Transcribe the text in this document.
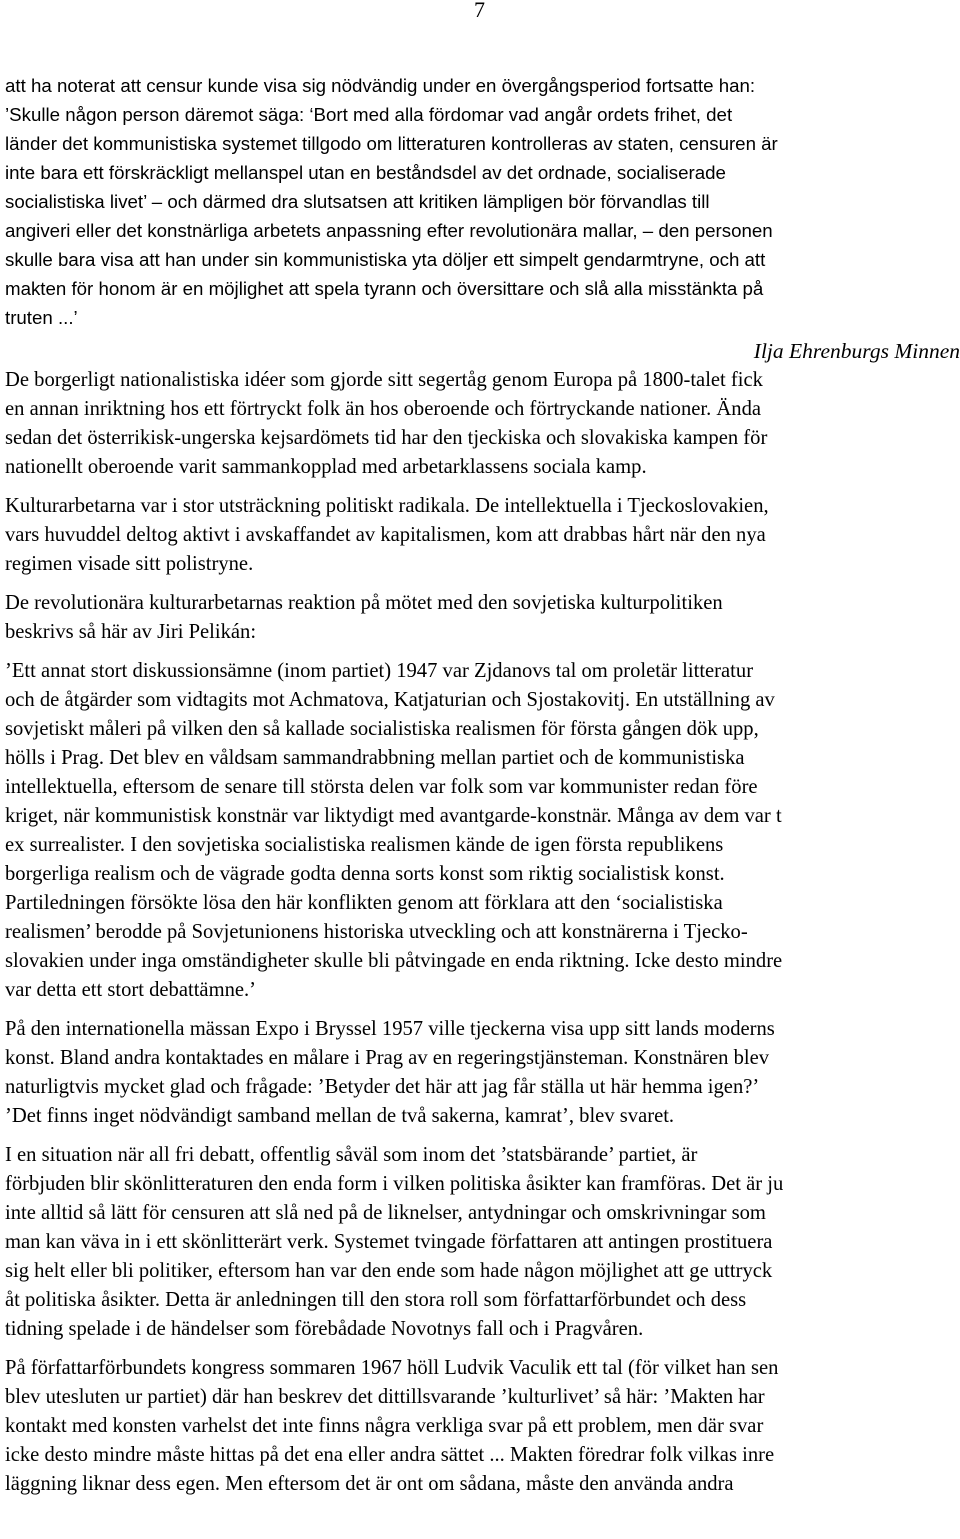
7
att ha noterat att censur kunde visa sig nödvändig under en övergångsperiod fortsatte han:
’Skulle någon person däremot säga: ‘Bort med alla fördomar vad angår ordets frihet, det
länder det kommunistiska systemet tillgodo om litteraturen kontrolleras av staten, censuren är
inte bara ett förskräckligt mellanspel utan en beståndsdel av det ordnade, socialiserade
socialistiska livet’ – och därmed dra slutsatsen att kritiken lämpligen bör förvandlas till
angiveri eller det konstnärliga arbetets anpassning efter revolutionära mallar, – den personen
skulle bara visa att han under sin kommunistiska yta döljer ett simpelt gendarmtryne, och att
makten för honom är en möjlighet att spela tyrann och översittare och slå alla misstänkta på
truten ...’
Ilja Ehrenburgs Minnen
De borgerligt nationalistiska idéer som gjorde sitt segertåg genom Europa på 1800-talet fick
en annan inriktning hos ett förtryckt folk än hos oberoende och förtryckande nationer. Ända
sedan det österrikisk-ungerska kejsardömets tid har den tjeckiska och slovakiska kampen för
nationellt oberoende varit sammankopplad med arbetarklassens sociala kamp.
Kulturarbetarna var i stor utsträckning politiskt radikala. De intellektuella i Tjeckoslovakien,
vars huvuddel deltog aktivt i avskaffandet av kapitalismen, kom att drabbas hårt när den nya
regimen visade sitt polistryne.
De revolutionära kulturarbetarnas reaktion på mötet med den sovjetiska kulturpolitiken
beskrivs så här av Jiri Pelikán:
’Ett annat stort diskussionsämne (inom partiet) 1947 var Zjdanovs tal om proletär litteratur
och de åtgärder som vidtagits mot Achmatova, Katjaturian och Sjostakovitj. En utställning av
sovjetiskt måleri på vilken den så kallade socialistiska realismen för första gången dök upp,
hölls i Prag. Det blev en våldsam sammandrabbning mellan partiet och de kommunistiska
intellektuella, eftersom de senare till största delen var folk som var kommunister redan före
kriget, när kommunistisk konstnär var liktydigt med avantgarde-konstnär. Många av dem var t
ex surrealister. I den sovjetiska socialistiska realismen kände de igen första republikens
borgerliga realism och de vägrade godta denna sorts konst som riktig socialistisk konst.
Partiledningen försökte lösa den här konflikten genom att förklara att den ‘socialistiska
realismen’ berodde på Sovjetunionens historiska utveckling och att konstnärerna i Tjecko-
slovakien under inga omständigheter skulle bli påtvingade en enda riktning. Icke desto mindre
var detta ett stort debattämne.’
På den internationella mässan Expo i Bryssel 1957 ville tjeckerna visa upp sitt lands moderns
konst. Bland andra kontaktades en målare i Prag av en regeringstjänsteman. Konstnären blev
naturligtvis mycket glad och frågade: ’Betyder det här att jag får ställa ut här hemma igen?’
’Det finns inget nödvändigt samband mellan de två sakerna, kamrat’, blev svaret.
I en situation när all fri debatt, offentlig såväl som inom det ’statsbärande’ partiet, är
förbjuden blir skönlitteraturen den enda form i vilken politiska åsikter kan framföras. Det är ju
inte alltid så lätt för censuren att slå ned på de liknelser, antydningar och omskrivningar som
man kan väva in i ett skönlitterärt verk. Systemet tvingade författaren att antingen prostituera
sig helt eller bli politiker, eftersom han var den ende som hade någon möjlighet att ge uttryck
åt politiska åsikter. Detta är anledningen till den stora roll som författarförbundet och dess
tidning spelade i de händelser som förebådade Novotnys fall och i Pragvåren.
På författarförbundets kongress sommaren 1967 höll Ludvik Vaculik ett tal (för vilket han sen
blev utesluten ur partiet) där han beskrev det dittillsvarande ’kulturlivet’ så här: ’Makten har
kontakt med konsten varhelst det inte finns några verkliga svar på ett problem, men där svar
icke desto mindre måste hittas på det ena eller andra sättet ... Makten föredrar folk vilkas inre
läggning liknar dess egen. Men eftersom det är ont om sådana, måste den använda andra
